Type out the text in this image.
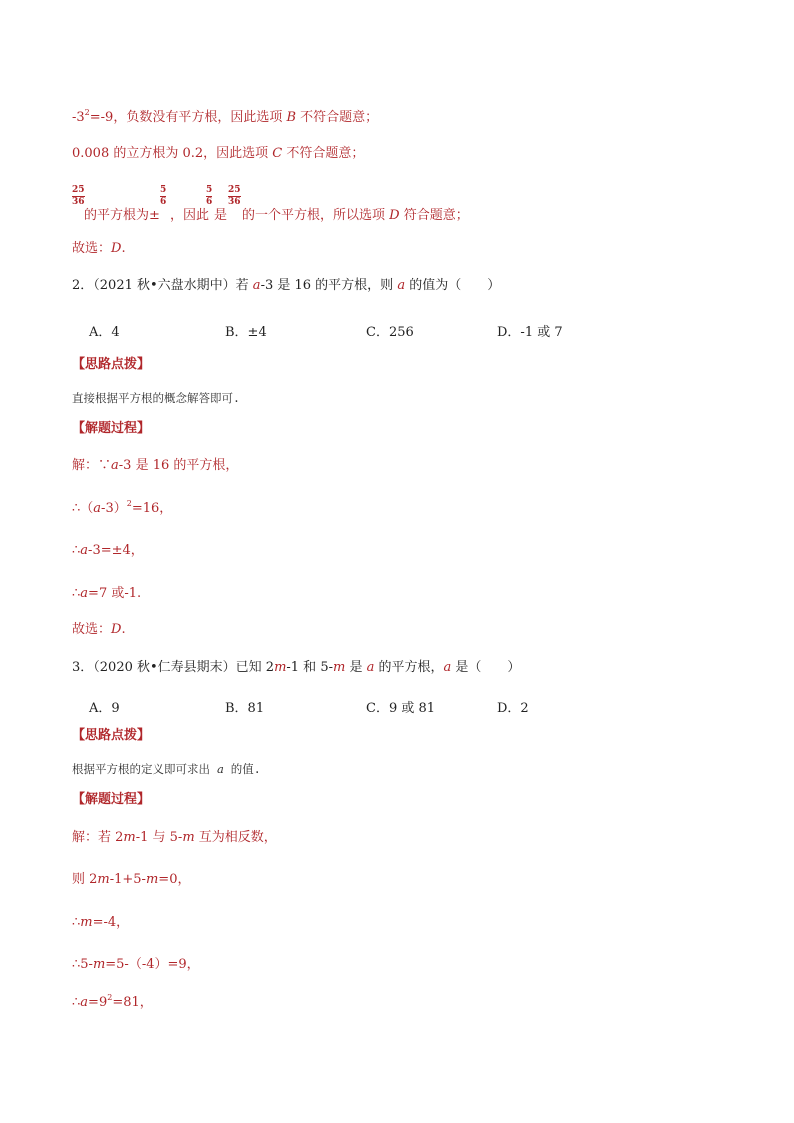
$-3^2=-9$，负数没有平方根，因此选项 B 不符合题意；
0.008 的立方根为 0.2，因此选项 C 不符合题意；
25
36
的平方根为±
5
6
，因此
5
6
是
25
36
的一个平方根，所以选项 D 符合题意；
故选：D.
2．（2021 秋•六盘水期中）若 a-3 是 16 的平方根，则 a 的值为（　　）
A．4	B．±4	C．256	D．-1 或 7
【思路点拨】
直接根据平方根的概念解答即可.
【解题过程】
解：∵a-3 是 16 的平方根，
$\therefore(a-3)^2=16$，
∴a-3=±4，
∴a=7 或-1.
故选：D.
3．（2020 秋•仁寿县期末）已知 2m-1 和 5-m 是 a 的平方根，a 是（　　）
A．9	B．81	C．9 或 81	D．2
【思路点拨】
根据平方根的定义即可求出 a 的值.
【解题过程】
解：若 2m-1 与 5-m 互为相反数，
则 2m-1+5-m=0，
∴m=-4，
∴5-m=5-（-4）=9，
$\therefore a=9^2=81$，
